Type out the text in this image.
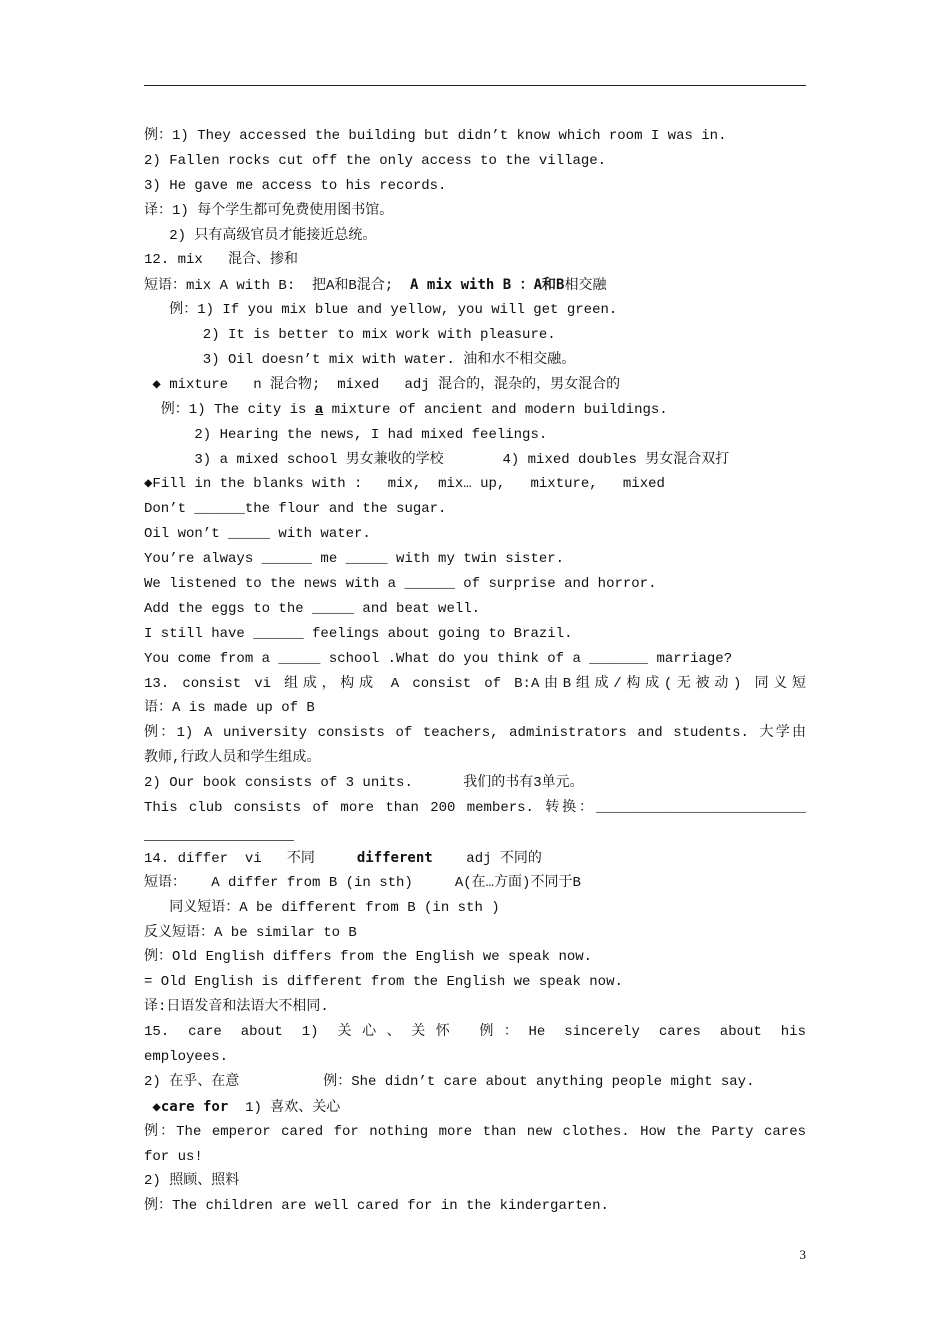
例：1) They accessed the building but didn’t know which room I was in.
2) Fallen rocks cut off the only access to the village.
3) He gave me access to his records.
译：1) 每个学生都可免费使用图书馆。
2) 只有高级官员才能接近总统。
12. mix   混合、掺和
短语：mix A with B:  把A和B混合;  A mix with B ：A和B相交融
例：1) If you mix blue and yellow, you will get green.
2) It is better to mix work with pleasure.
3) Oil doesn’t mix with water. 油和水不相交融。
◆ mixture   n 混合物;  mixed   adj 混合的，混杂的，男女混合的
例：1) The city is a mixture of ancient and modern buildings.
2) Hearing the news, I had mixed feelings.
3) a mixed school 男女兼收的学校       4) mixed doubles 男女混合双打
◆Fill in the blanks with :   mix,  mix… up,   mixture,   mixed
Don’t ______the flour and the sugar.
Oil won’t _____ with water.
You’re always ______ me _____ with my twin sister.
We listened to the news with a ______ of surprise and horror.
Add the eggs to the _____ and beat well.
I still have ______ feelings about going to Brazil.
You come from a _____ school .What do you think of a _______ marriage?
13. consist vi 组成，构成 A consist of B:A由B组成/构成(无被动) 同义短
语：A is made up of B
例：1) A university consists of teachers, administrators and students. 大学由
教师,行政人员和学生组成。
2) Our book consists of 3 units.      我们的书有3单元。
This club consists of more than 200 members. 转换：_________________________
14. differ  vi   不同     different    adj 不同的
短语：   A differ from B (in sth)     A(在…方面)不同于B
同义短语：A be different from B (in sth )
反义短语：A be similar to B
例：Old English differs from the English we speak now.
= Old English is different from the English we speak now.
译:日语发音和法语大不相同.
15. care about 1) 关心、关怀 例：He sincerely cares about his
employees.
2) 在乎、在意          例：She didn’t care about anything people might say.
◆care for  1) 喜欢、关心
例：The emperor cared for nothing more than new clothes. How the Party cares
for us!
2) 照顾、照料
例：The children are well cared for in the kindergarten.
3
